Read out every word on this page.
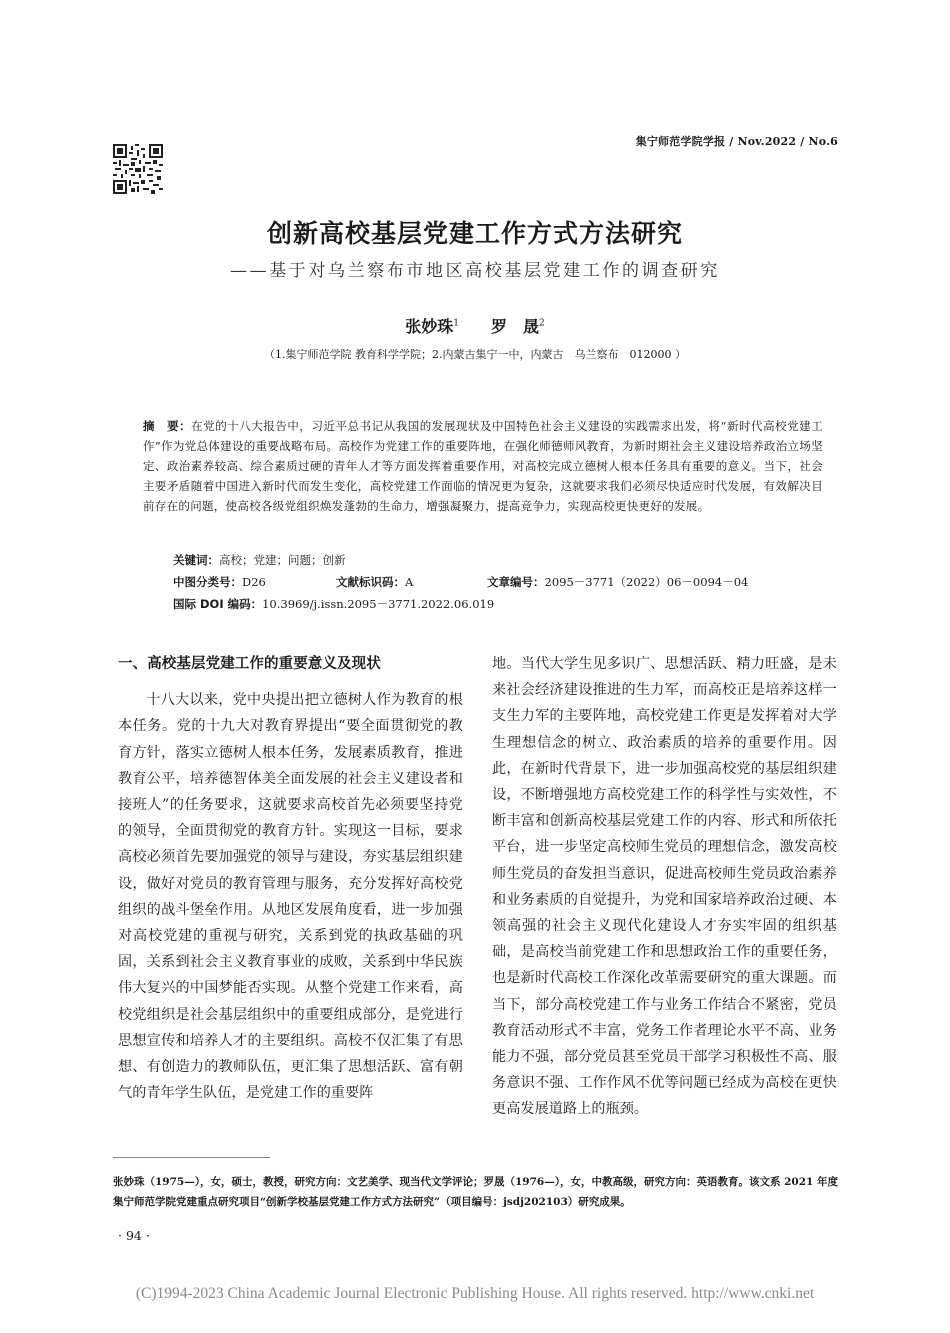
集宁师范学院学报 / Nov.2022 / No.6
创新高校基层党建工作方式方法研究
——基于对乌兰察布市地区高校基层党建工作的调查研究
张妙珠$^1$   罗　晟$^2$
（1.集宁师范学院 教育科学学院；2.内蒙古集宁一中，内蒙古　乌兰察布　012000 ）
摘　要：在党的十八大报告中，习近平总书记从我国的发展现状及中国特色社会主义建设的实践需求出发，将“新时代高校党建工作”作为党总体建设的重要战略布局。高校作为党建工作的重要阵地，在强化师德师风教育，为新时期社会主义建设培养政治立场坚定、政治素养较高、综合素质过硬的青年人才等方面发挥着重要作用，对高校完成立德树人根本任务具有重要的意义。当下，社会主要矛盾随着中国进入新时代而发生变化，高校党建工作面临的情况更为复杂，这就要求我们必须尽快适应时代发展，有效解决目前存在的问题，使高校各级党组织焕发蓬勃的生命力，增强凝聚力，提高竞争力，实现高校更快更好的发展。
关键词：高校；党建；问题；创新
中图分类号：D26	文献标识码：A	文章编号：2095－3771（2022）06－0094－04
国际 DOI 编码：10.3969/j.issn.2095－3771.2022.06.019
一、高校基层党建工作的重要意义及现状

十八大以来，党中央提出把立德树人作为教育的根本任务。党的十九大对教育界提出“要全面贯彻党的教育方针，落实立德树人根本任务，发展素质教育，推进教育公平，培养德智体美全面发展的社会主义建设者和接班人”的任务要求，这就要求高校首先必须要坚持党的领导，全面贯彻党的教育方针。实现这一目标，要求高校必须首先要加强党的领导与建设，夯实基层组织建设，做好对党员的教育管理与服务，充分发挥好高校党组织的战斗堡垒作用。从地区发展角度看，进一步加强对高校党建的重视与研究，关系到党的执政基础的巩固，关系到社会主义教育事业的成败，关系到中华民族伟大复兴的中国梦能否实现。从整个党建工作来看，高校党组织是社会基层组织中的重要组成部分，是党进行思想宣传和培养人才的主要组织。高校不仅汇集了有思想、有创造力的教师队伍，更汇集了思想活跃、富有朝气的青年学生队伍，是党建工作的重要阵

地。当代大学生见多识广、思想活跃、精力旺盛，是未来社会经济建设推进的生力军，而高校正是培养这样一支生力军的主要阵地，高校党建工作更是发挥着对大学生理想信念的树立、政治素质的培养的重要作用。因此，在新时代背景下，进一步加强高校党的基层组织建设，不断增强地方高校党建工作的科学性与实效性，不断丰富和创新高校基层党建工作的内容、形式和所依托平台，进一步坚定高校师生党员的理想信念，激发高校师生党员的奋发担当意识，促进高校师生党员政治素养和业务素质的自觉提升，为党和国家培养政治过硬、本领高强的社会主义现代化建设人才夯实牢固的组织基础，是高校当前党建工作和思想政治工作的重要任务，也是新时代高校工作深化改革需要研究的重大课题。而当下，部分高校党建工作与业务工作结合不紧密，党员教育活动形式不丰富，党务工作者理论水平不高、业务能力不强，部分党员甚至党员干部学习积极性不高、服务意识不强、工作作风不优等问题已经成为高校在更快更高发展道路上的瓶颈。

张妙珠（1975—），女，硕士，教授，研究方向：文艺美学、现当代文学评论；罗晟（1976—），女，中教高级，研究方向：英语教育。该文系 2021 年度集宁师范学院党建重点研究项目“创新学校基层党建工作方式方法研究”（项目编号：jsdj202103）研究成果。
· 94 ·
(C)1994-2023 China Academic Journal Electronic Publishing House. All rights reserved. http://www.cnki.net
